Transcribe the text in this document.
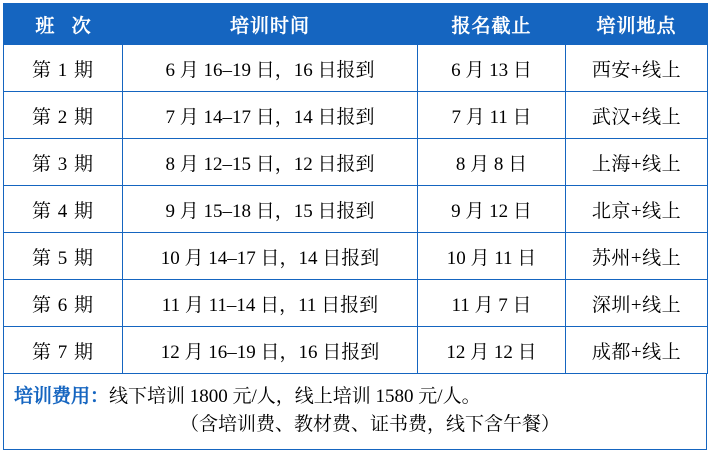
班 次	培训时间	报名截止	培训地点
第 1 期	6 月 16–19 日，16 日报到	6 月 13 日	西安+线上
第 2 期	7 月 14–17 日，14 日报到	7 月 11 日	武汉+线上
第 3 期	8 月 12–15 日，12 日报到	8 月 8 日	上海+线上
第 4 期	9 月 15–18 日，15 日报到	9 月 12 日	北京+线上
第 5 期	10 月 14–17 日，14 日报到	10 月 11 日	苏州+线上
第 6 期	11 月 11–14 日，11 日报到	11 月 7 日	深圳+线上
第 7 期	12 月 16–19 日，16 日报到	12 月 12 日	成都+线上
培训费用：线下培训 1800 元/人，线上培训 1580 元/人。
（含培训费、教材费、证书费，线下含午餐）
